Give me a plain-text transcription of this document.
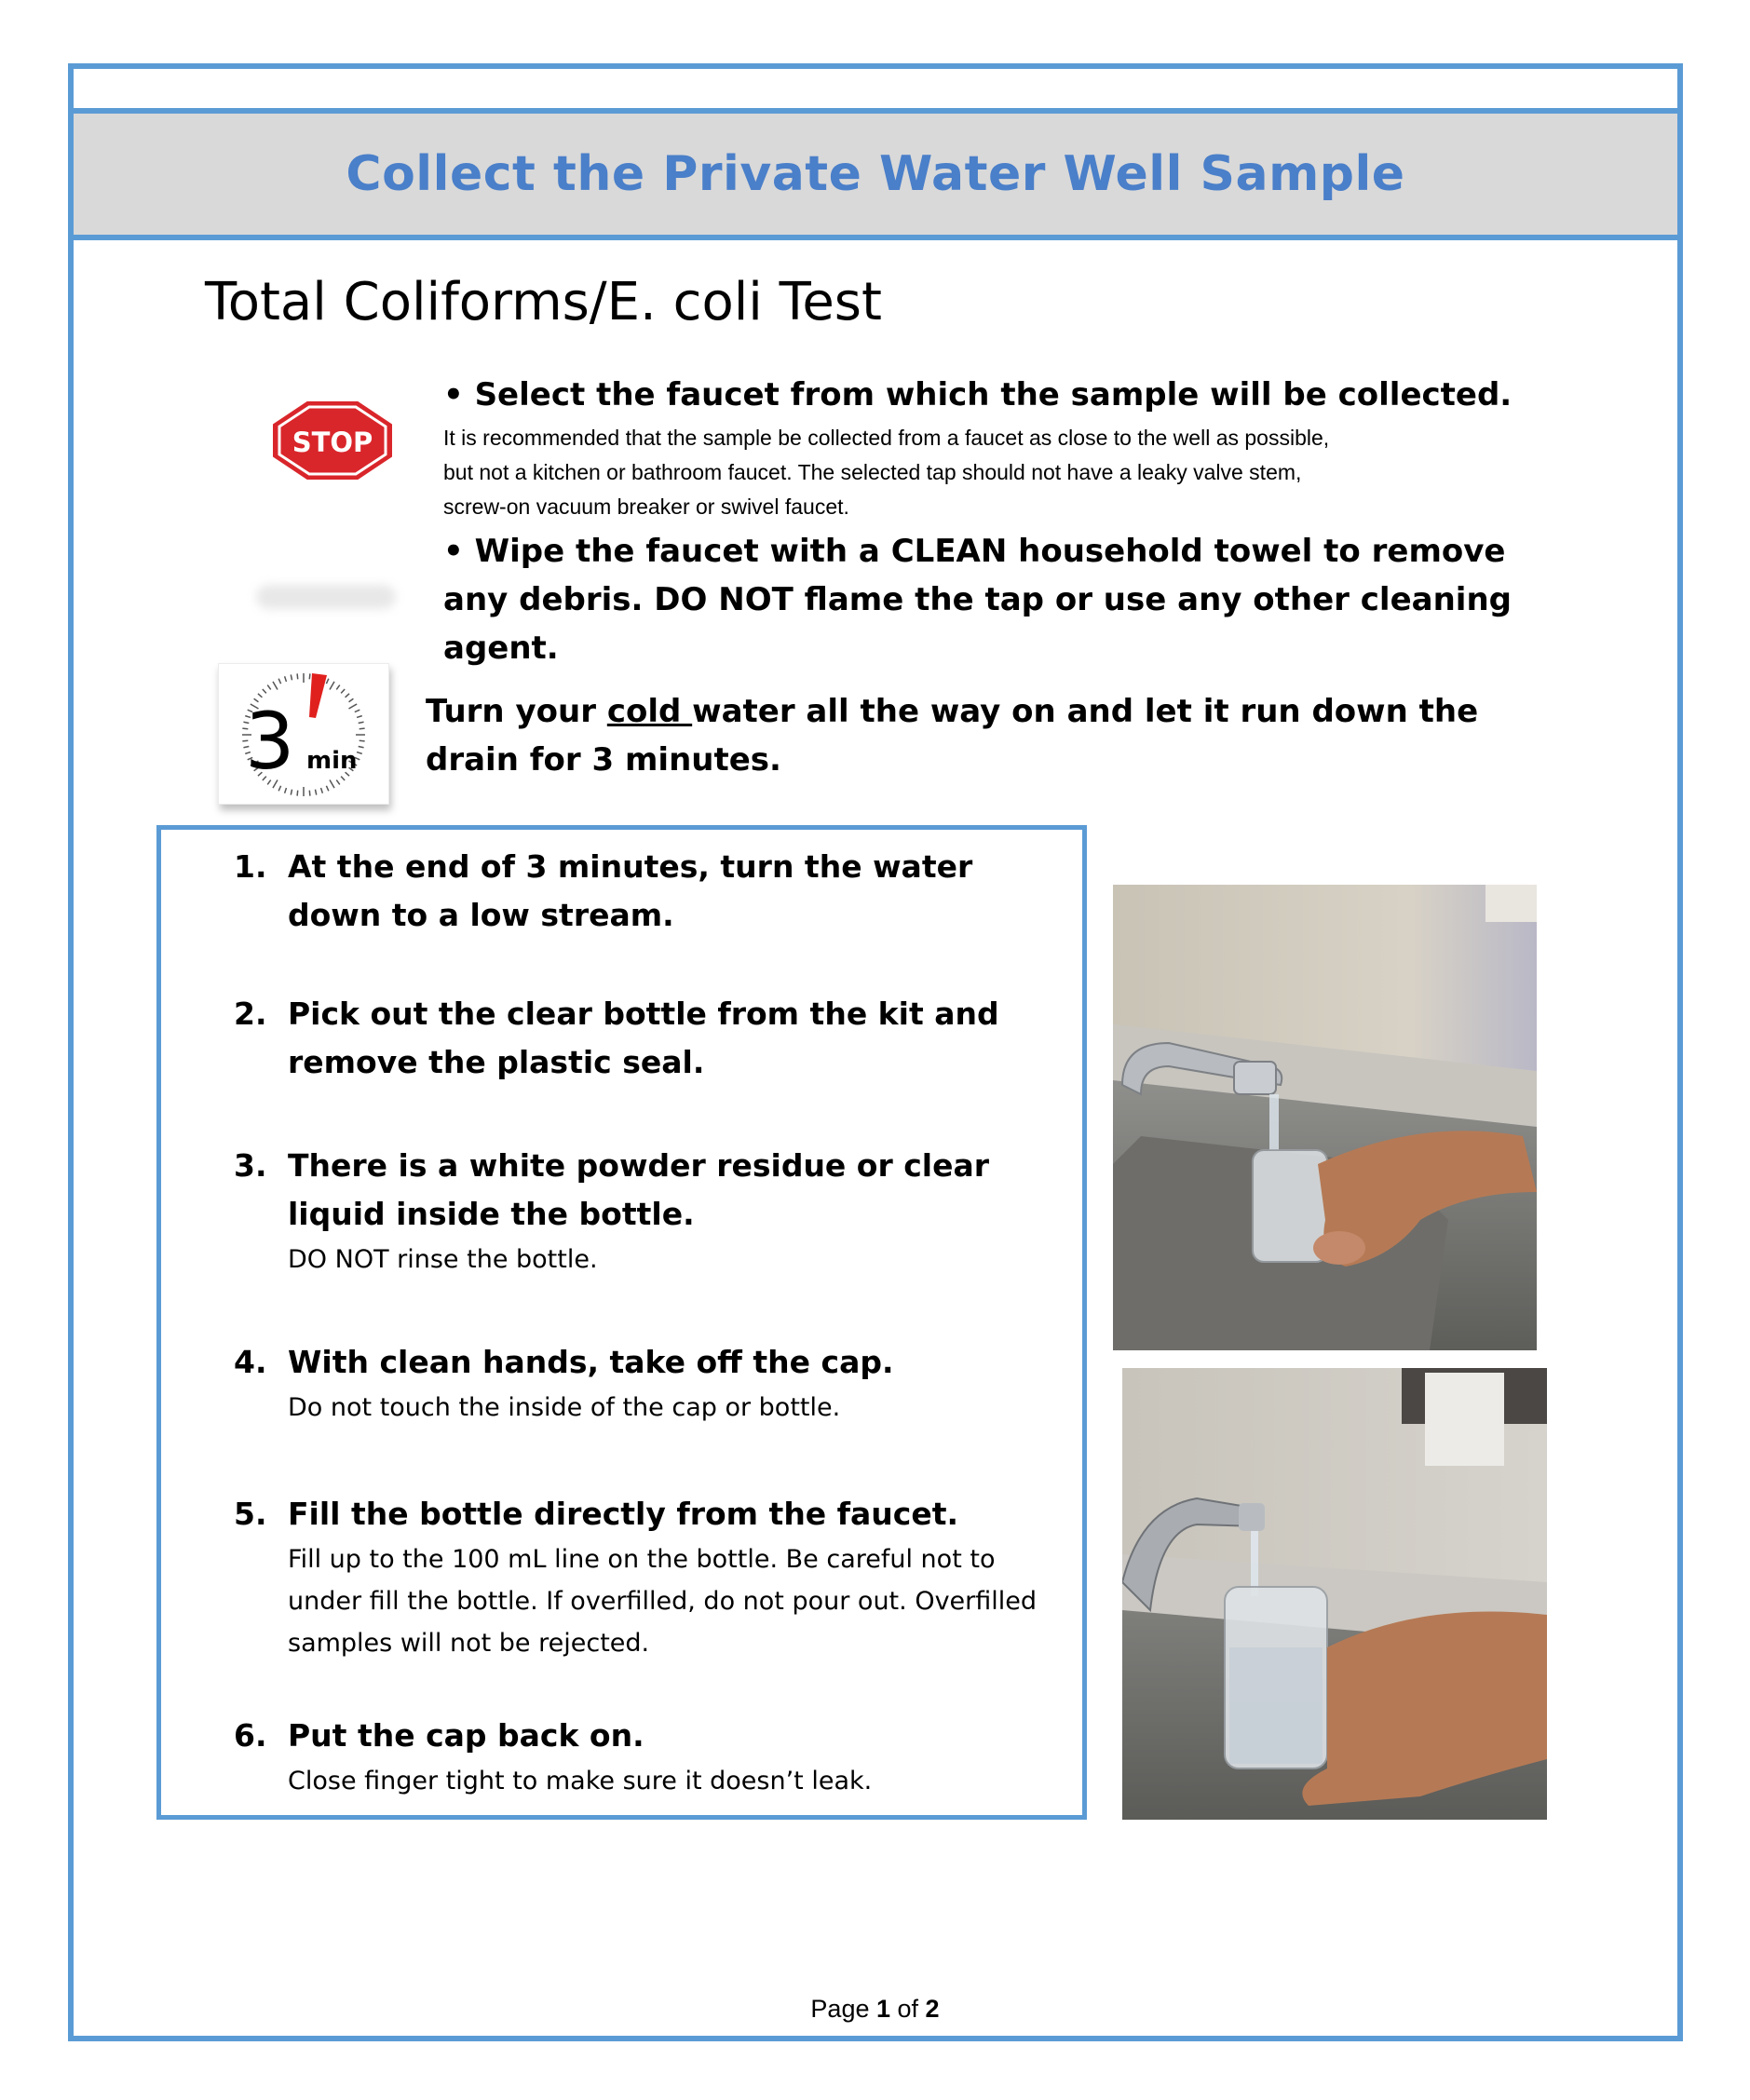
Collect the Private Water Well Sample
Total Coliforms/E. coli Test
STOP
• Select the faucet from which the sample will be collected.
It is recommended that the sample be collected from a faucet as close to the well as possible,
but not a kitchen or bathroom faucet. The selected tap should not have a leaky valve stem,
screw-on vacuum breaker or swivel faucet.
• Wipe the faucet with a CLEAN household towel to remove any debris. DO NOT flame the tap or use any other cleaning agent.
3 min
Turn your cold water all the way on and let it run down the drain for 3 minutes.
1. At the end of 3 minutes, turn the water down to a low stream.
2. Pick out the clear bottle from the kit and remove the plastic seal.
3. There is a white powder residue or clear liquid inside the bottle.
DO NOT rinse the bottle.
4. With clean hands, take off the cap.
Do not touch the inside of the cap or bottle.
5. Fill the bottle directly from the faucet.
Fill up to the 100 mL line on the bottle. Be careful not to under fill the bottle. If overfilled, do not pour out. Overfilled samples will not be rejected.
6. Put the cap back on.
Close finger tight to make sure it doesn’t leak.
Page 1 of 2
